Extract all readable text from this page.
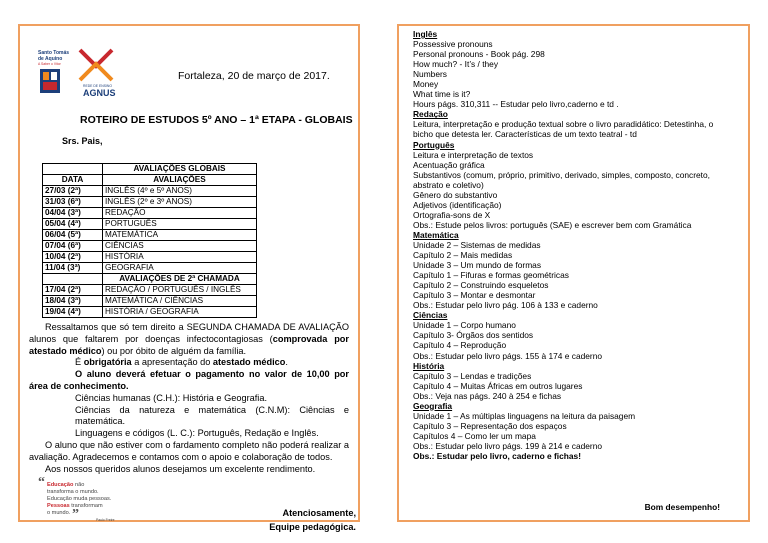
Santo Tomás
de Aquino
A Saber o Vitor
REDE DE ENSINO
AGNUS
Fortaleza, 20 de março de 2017.
ROTEIRO DE ESTUDOS 5º ANO – 1ª ETAPA - GLOBAIS
Srs. Pais,
	AVALIAÇÕES GLOBAIS
DATA	AVALIAÇÕES
27/03 (2ª)	INGLÊS (4º e 5º ANOS)
31/03 (6ª)	INGLÊS (2º e 3º ANOS)
04/04 (3ª)	REDAÇÃO
05/04 (4ª)	PORTUGUÊS
06/04 (5ª)	MATEMÁTICA
07/04 (6ª)	CIÊNCIAS
10/04 (2ª)	HISTÓRIA
11/04 (3ª)	GEOGRAFIA
	AVALIAÇÕES DE 2ª CHAMADA
17/04 (2ª)	REDAÇÃO / PORTUGUÊS / INGLÊS
18/04 (3ª)	MATEMÁTICA / CIÊNCIAS
19/04 (4ª)	HISTÓRIA / GEOGRAFIA

Ressaltamos que só tem direito a SEGUNDA CHAMADA DE AVALIAÇÃO alunos que faltarem por doenças infectocontagiosas (comprovada por atestado médico) ou por óbito de alguém da família.

É obrigatória a apresentação do atestado médico.

O aluno deverá efetuar o pagamento no valor de 10,00 por área de conhecimento.

Ciências humanas (C.H.): História e Geografia.

Ciências da natureza e matemática (C.N.M): Ciências e matemática.

Linguagens e códigos (L. C.): Português, Redação e Inglês.

O aluno que não estiver com o fardamento completo não poderá realizar a avaliação. Agradecemos e contamos com o apoio e colaboração de todos.

Aos nossos queridos alunos desejamos um excelente rendimento.

“ Educação não
transforma o mundo.
Educação muda pessoas.
Pessoas transformam
o mundo. ”	Paulo Freire
Atenciosamente,
Equipe pedagógica.
Inglês
Possessive pronouns
Personal pronouns - Book pág. 298
How much? - It’s / they
Numbers
Money
What time is it?
Hours págs. 310,311 -- Estudar pelo livro,caderno e td .
Redação
Leitura, interpretação e produção textual sobre o livro paradidático: Detestinha, o
bicho que detesta ler. Características de um texto teatral - td
Português
Leitura e interpretação de textos
Acentuação gráfica
Substantivos (comum, próprio, primitivo, derivado, simples, composto, concreto,
abstrato e coletivo)
Gênero do substantivo
Adjetivos (identificação)
Ortografia-sons de X
Obs.: Estude pelos livros: português (SAE) e escrever bem com Gramática
Matemática
Unidade 2 – Sistemas de medidas
Capítulo 2 – Mais medidas
Unidade 3 – Um mundo de formas
Capítulo 1 – Fifuras e formas geométricas
Capítulo 2 – Construindo esqueletos
Capítulo 3 – Montar e desmontar
Obs.: Estudar pelo livro pág. 106 à 133 e caderno
Ciências
Unidade 1 – Corpo humano
Capítulo 3- Órgãos dos sentidos
Capítulo 4 – Reprodução
Obs.: Estudar pelo livro págs. 155 à 174 e caderno
História
Capítulo 3 – Lendas e tradições
Capítulo 4 – Muitas Áfricas em outros lugares
Obs.: Veja nas págs. 240 à 254 e fichas
Geografia
Unidade 1 – As múltiplas linguagens na leitura da paisagem
Capítulo 3 – Representação dos espaços
Capítulos 4 – Como ler um mapa
Obs.: Estudar pelo livro págs. 199 à 214 e caderno
Obs.: Estudar pelo livro, caderno e fichas!
Bom desempenho!
